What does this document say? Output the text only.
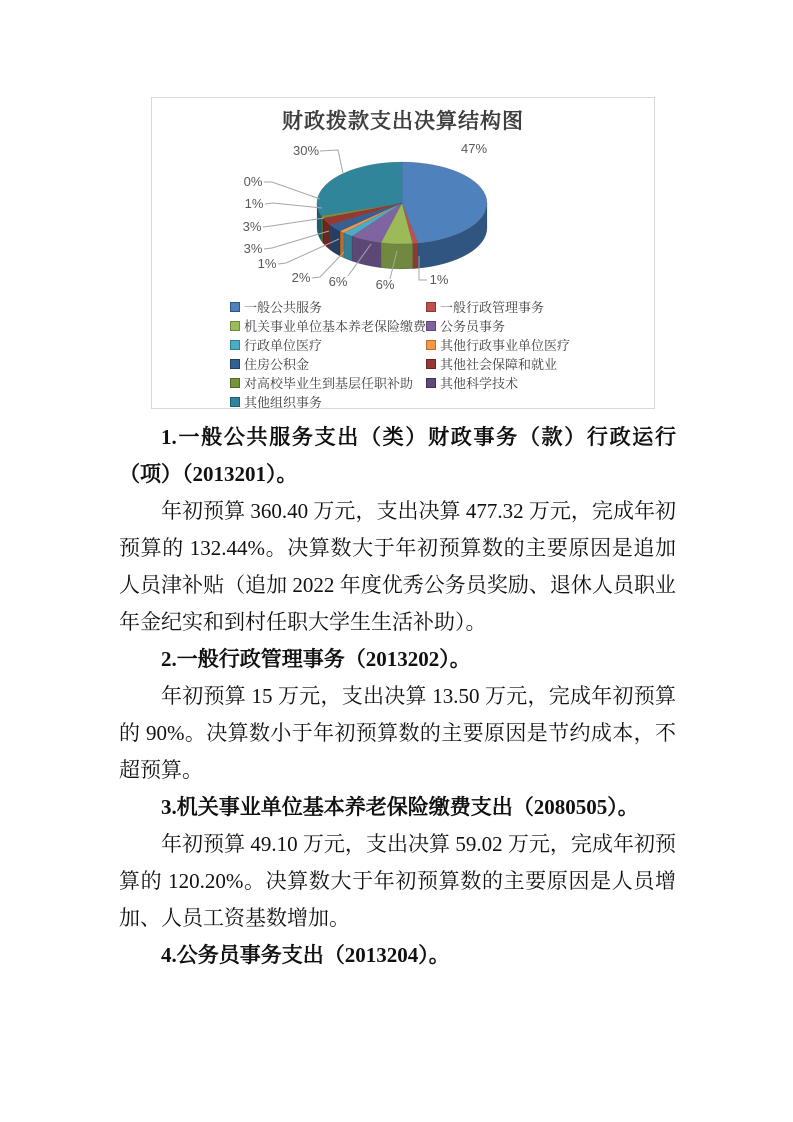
财政拨款支出决算结构图
47%
1%
6%
6%
2%
1%
3%
3%
1%
0%
30%
一般公共服务	一般行政管理事务
机关事业单位基本养老保险缴费 公务员事务
行政单位医疗	其他行政事业单位医疗
住房公积金	其他社会保障和就业
对高校毕业生到基层任职补助 其他科学技术
其他组织事务
1.一般公共服务支出（类）财政事务（款）行政运行（项）（2013201）。

年初预算 360.40 万元，支出决算 477.32 万元，完成年初预算的 132.44%。决算数大于年初预算数的主要原因是追加人员津补贴（追加 2022 年度优秀公务员奖励、退休人员职业年金纪实和到村任职大学生生活补助）。

2.一般行政管理事务（2013202）。

年初预算 15 万元，支出决算 13.50 万元，完成年初预算的 90%。决算数小于年初预算数的主要原因是节约成本，不超预算。

3.机关事业单位基本养老保险缴费支出（2080505）。

年初预算 49.10 万元，支出决算 59.02 万元，完成年初预算的 120.20%。决算数大于年初预算数的主要原因是人员增加、人员工资基数增加。

4.公务员事务支出（2013204）。
